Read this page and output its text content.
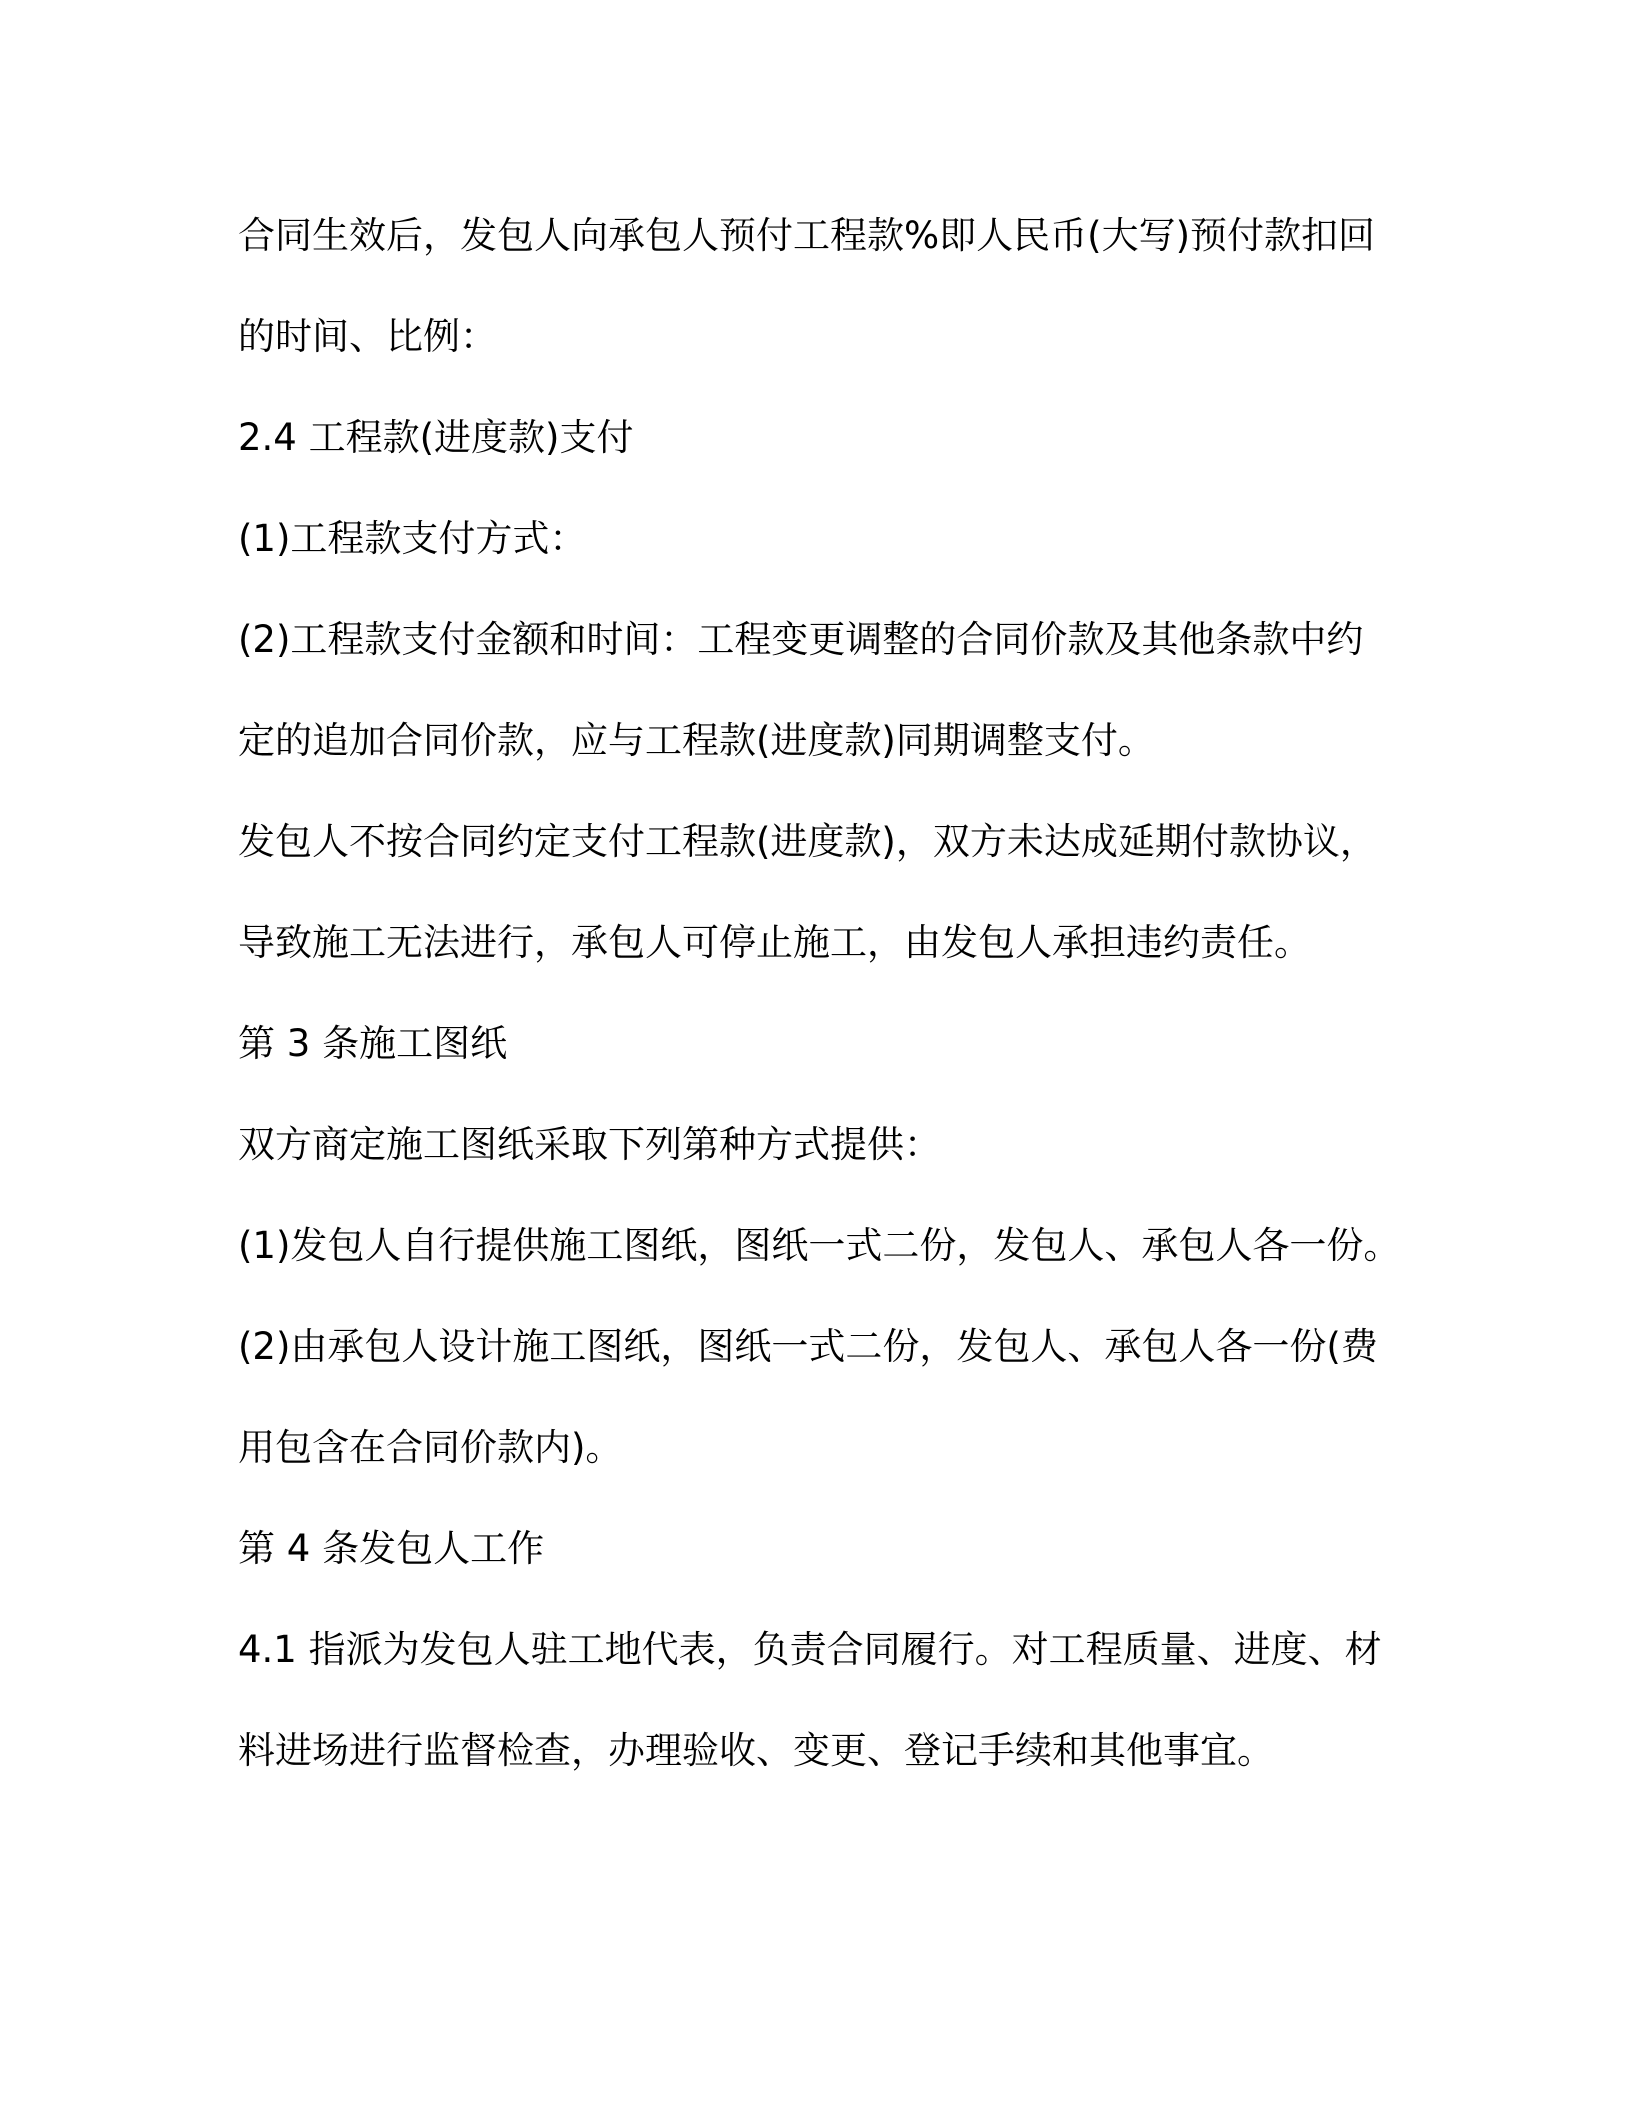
合同生效后，发包人向承包人预付工程款%即人民币(大写)预付款扣回
的时间、比例：
2.4 工程款(进度款)支付
(1)工程款支付方式：
(2)工程款支付金额和时间：工程变更调整的合同价款及其他条款中约
定的追加合同价款，应与工程款(进度款)同期调整支付。
发包人不按合同约定支付工程款(进度款)，双方未达成延期付款协议，
导致施工无法进行，承包人可停止施工，由发包人承担违约责任。
第 3 条施工图纸
双方商定施工图纸采取下列第种方式提供：
(1)发包人自行提供施工图纸，图纸一式二份，发包人、承包人各一份。
(2)由承包人设计施工图纸，图纸一式二份，发包人、承包人各一份(费
用包含在合同价款内)。
第 4 条发包人工作
4.1 指派为发包人驻工地代表，负责合同履行。对工程质量、进度、材
料进场进行监督检查，办理验收、变更、登记手续和其他事宜。
